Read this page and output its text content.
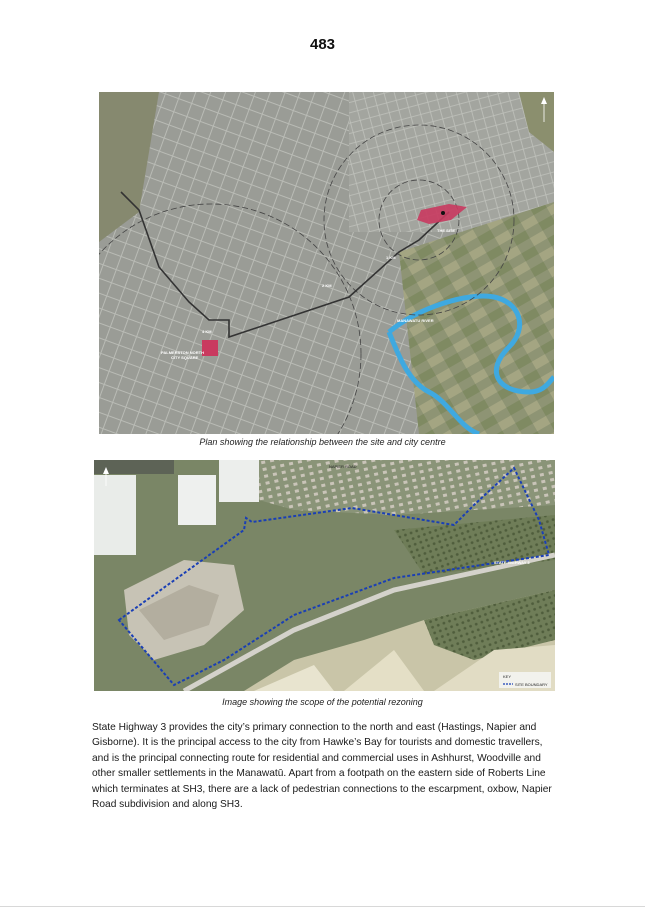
483
THE SITE
1 KM
2 KM
4 KM
PALMERSTON NORTH
CITY SQUARE
MANAWATU RIVER
Plan showing the relationship between the site and city centre
NAPIER ROAD
STATE HIGHWAY 3
KEY
SITE BOUNDARY
Image showing the scope of the potential rezoning

State Highway 3 provides the city’s primary connection to the north and east (Hastings, Napier and Gisborne). It is the principal access to the city from Hawke’s Bay for tourists and domestic travellers, and is the principal connecting route for residential and commercial uses in Ashhurst, Woodville and other smaller settlements in the Manawatū. Apart from a footpath on the eastern side of Roberts Line which terminates at SH3, there are a lack of pedestrian connections to the escarpment, oxbow, Napier Road subdivision and along SH3.
